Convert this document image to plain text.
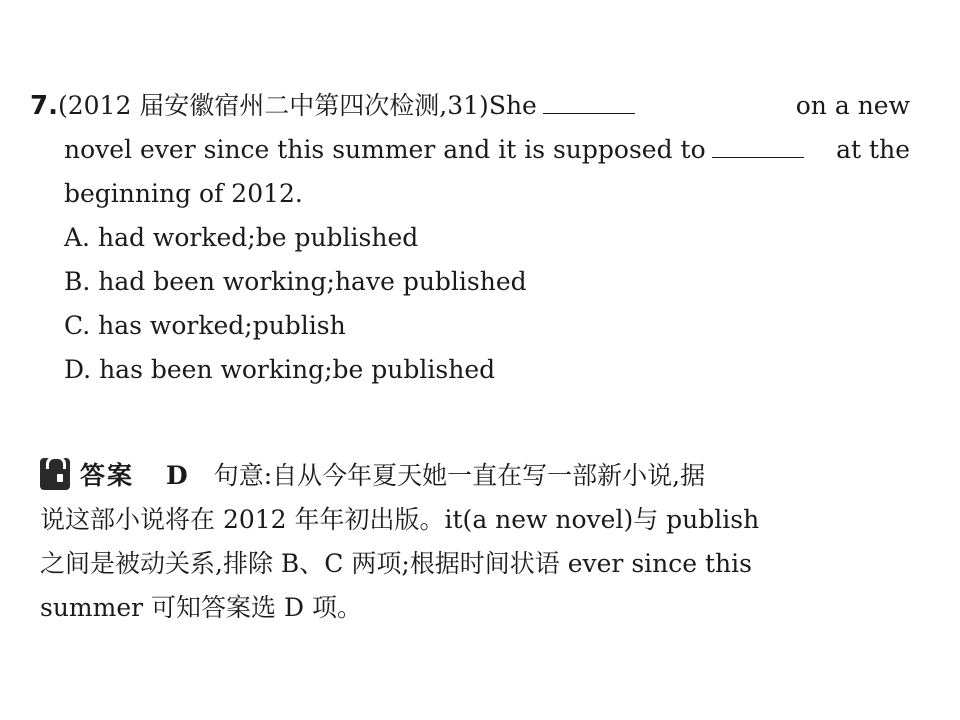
7.(2012 届安徽宿州二中第四次检测,31)She	on a new
novel ever since this summer and it is supposed to	at the
beginning of 2012.
A. had worked;be published
B. had been working;have published
C. has worked;publish
D. has been working;be published
答案 D 句意:自从今年夏天她一直在写一部新小说,据
说这部小说将在 2012 年年初出版。it(a new novel)与 publish
之间是被动关系,排除 B、C 两项;根据时间状语 ever since this
summer 可知答案选 D 项。
